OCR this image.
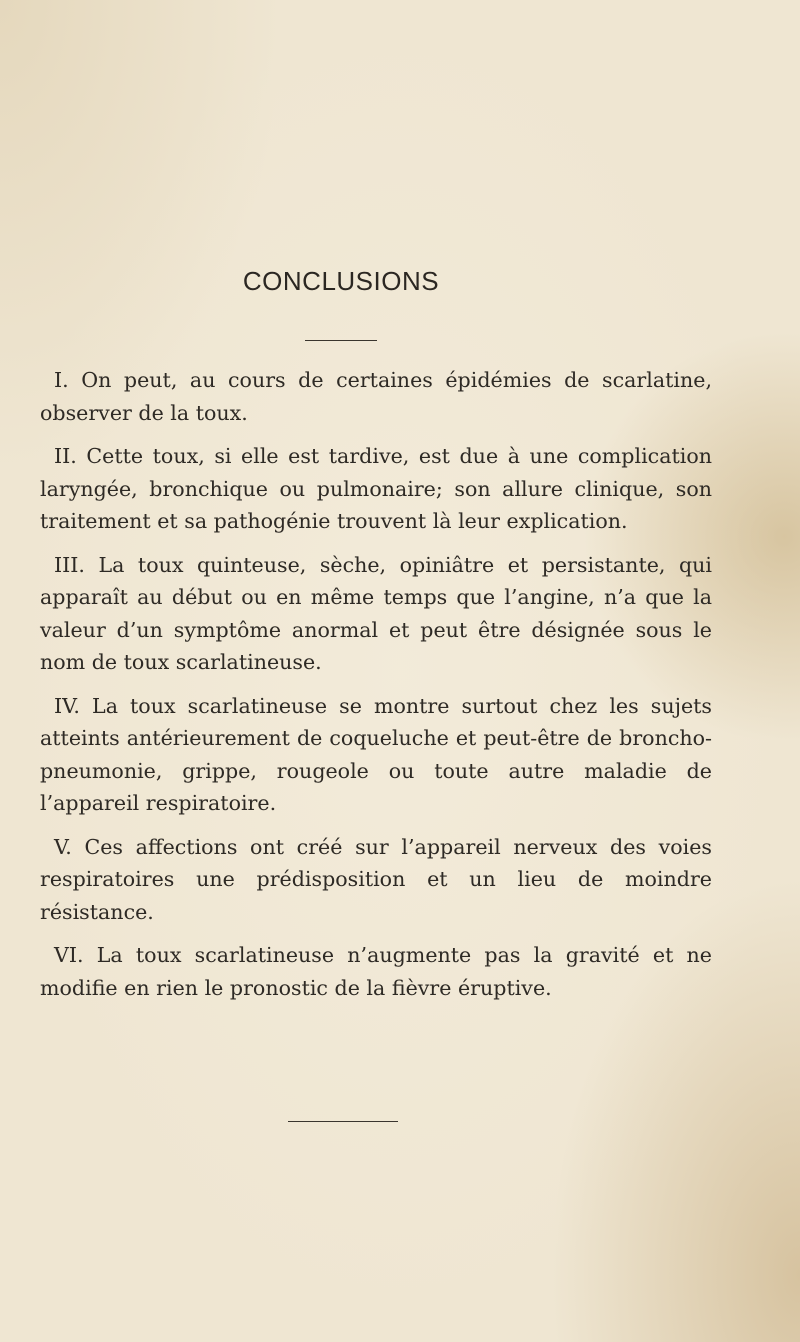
CONCLUSIONS

I. On peut, au cours de certaines épidémies de scarlatine, observer de la toux.

II. Cette toux, si elle est tardive, est due à une complication laryngée, bronchique ou pulmonaire; son allure clinique, son traitement et sa pathogénie trouvent là leur explication.

III. La toux quinteuse, sèche, opiniâtre et persistante, qui apparaît au début ou en même temps que l’angine, n’a que la valeur d’un symptôme anormal et peut être désignée sous le nom de toux scarlatineuse.

IV. La toux scarlatineuse se montre surtout chez les sujets atteints antérieurement de coqueluche et peut-être de broncho-pneumonie, grippe, rougeole ou toute autre maladie de l’appareil respiratoire.

V. Ces affections ont créé sur l’appareil nerveux des voies respiratoires une prédisposition et un lieu de moindre résistance.

VI. La toux scarlatineuse n’augmente pas la gravité et ne modifie en rien le pronostic de la fièvre éruptive.
